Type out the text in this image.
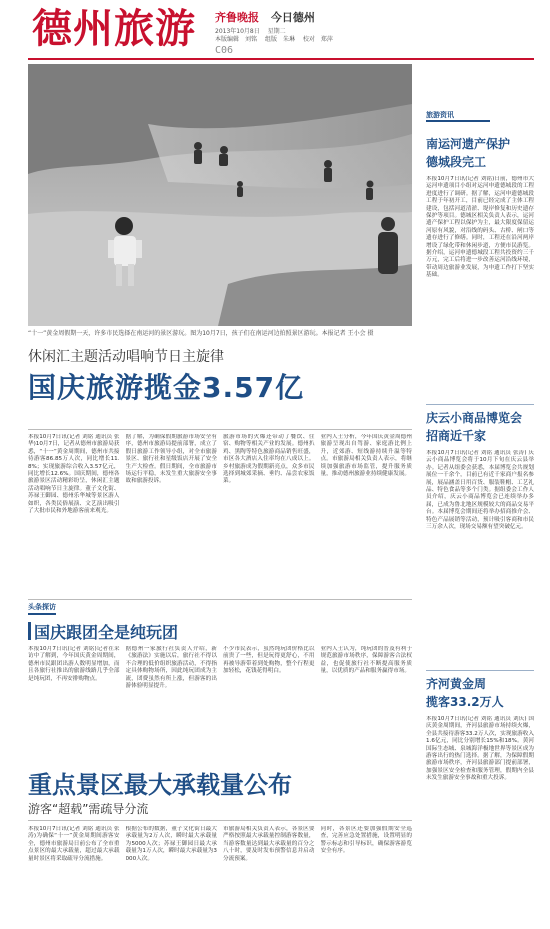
德州旅游 齐鲁晚报 今日德州
2013年10月8日 星期二
本版编辑 刘铭 组版 朱琳 校对 郑萍
C06
“十一”黄金周假期一天，许多市民选择在南运河的景区游玩。图为10月7日，孩子们在南运河边拍照景区游玩。本报记者 王小会 摄
休闲汇主题活动唱响节日主旋律
国庆旅游揽金3.57亿

本报10月7日讯(记者 刘铭 通讯员 张华)10月7日，记者从德州市旅游局获悉，“十一”黄金周期间，德州市共接待游客86.85万人次，同比增长11.8%；实现旅游综合收入3.57亿元，同比增长12.6%。国庆期间，德州各旅游景区活动精彩纷呈，休闲汇主题活动唱响节日主旋律。董子文化街、苏禄王御园、德州乐华城等景区游人如织，各类民俗展演、文艺演出吸引了大批市民和外地游客前来观光。

据了解，为确保假期旅游市场安全有序，德州市旅游局提前部署，成立了假日旅游工作领导小组，对全市旅游景区、旅行社和星级饭店开展了安全生产大检查。假日期间，全市旅游市场运行平稳，未发生重大旅游安全事故和旅游投诉。

旅游市场的火爆还带动了餐饮、住宿、购物等相关产业的发展。德州扒鸡、黑陶等特色旅游商品销售旺盛，市区各大酒店入住率均在八成以上。乡村旅游成为假期新亮点，众多市民选择到城郊采摘、垂钓、品尝农家饭菜。

业内人士分析，今年国庆黄金周德州旅游呈现出自驾游、家庭游比例上升，近郊游、短线游持续升温等特点。市旅游局相关负责人表示，将继续加强旅游市场监管，提升服务质量，推动德州旅游业持续健康发展。

头条探访
国庆跟团全是纯玩团

本报10月7日讯(记者 刘铭)记者在采访中了解到，今年国庆黄金周期间，德州市民跟团出游人数明显增加，而且各旅行社推出的旅游线路几乎全部是纯玩团，不再安排购物点。

据德州一家旅行社负责人介绍，新《旅游法》实施以后，旅行社不得以不合理的低价组织旅游活动，不得指定具体购物场所，因此纯玩团成为主流，团费虽然有所上涨，但游客的出游体验明显提升。

不少市民表示，虽然纯玩团价格比以前贵了一些，但是玩得更舒心，不用再被导游带着到处购物，整个行程更加轻松，花钱花得明白。

业内人士认为，纯玩团的普及有利于规范旅游市场秩序，保障游客合法权益，也促使旅行社不断提高服务质量，以优质的产品和服务赢得市场。

重点景区最大承载量公布
游客“超载”需疏导分流

本报10月7日讯(记者 刘铭 通讯员 张涛)为确保“十一”黄金周期间游客安全，德州市旅游局日前公布了全市重点景区的最大承载量，超过最大承载量时景区将采取疏导分流措施。

根据公布的数据，董子文化街日最大承载量为2万人次，瞬时最大承载量为5000人次；苏禄王御园日最大承载量为1万人次，瞬时最大承载量为3000人次。

市旅游局相关负责人表示，各景区要严格按照最大承载量控制游客数量，当游客数量达到最大承载量的百分之八十时，要及时发布预警信息并启动分流预案。

同时，各景区还要加强假期安全巡查，完善应急处置措施，设置明显的警示标志和引导标识，确保游客游览安全有序。

旅游资讯
南运河遗产保护
德城段完工
本报10月7日讯(记者 刘铭)日前，德州市大运河申遗项目小组对运河申遗德城段的工程进度进行了调研。据了解，运河申遗德城段工程于年初开工，目前已经完成了主体工程建设，包括河道清淤、堤岸修复和历史遗存保护等项目。德城区相关负责人表示，运河遗产保护工程以保护为主，最大限度保留运河原有风貌，对沿线的码头、古桥、闸口等遗存进行了修缮。同时，工程还在沿河两岸增设了绿化带和休闲步道，方便市民游览。据介绍，运河申遗德城段工程共投资约三千万元，完工后将进一步改善运河沿线环境，带动周边旅游业发展，为申遗工作打下坚实基础。
庆云小商品博览会
招商近千家
本报10月7日讯(记者 刘铭 通讯员 张涛) 庆云小商品博览会将于10月下旬在庆云县举办。记者从组委会获悉，本届博览会共规划展位一千余个，目前已有近千家商户报名参展，展品涵盖日用百货、服装鞋帽、工艺礼品、特色食品等多个门类。据组委会工作人员介绍，庆云小商品博览会已连续举办多届，已成为鲁北地区规模较大的商品交易平台。本届博览会期间还将举办招商推介会、特色产品展销等活动，预计吸引客商和市民三万余人次，现场交易额有望突破亿元。
齐河黄金周
揽客33.2万人
本报10月7日讯(记者 刘铭 通讯员 刘庆) 国庆黄金周期间，齐河县旅游市场持续火爆，全县共接待游客33.2万人次，实现旅游收入1.6亿元，同比分别增长15%和18%。黄河国际生态城、泉城海洋极地世界等景区成为游客出行的热门选择。据了解，为保障假期旅游市场秩序，齐河县旅游部门提前部署，加强景区安全检查和服务管理，假期内全县未发生旅游安全事故和重大投诉。
